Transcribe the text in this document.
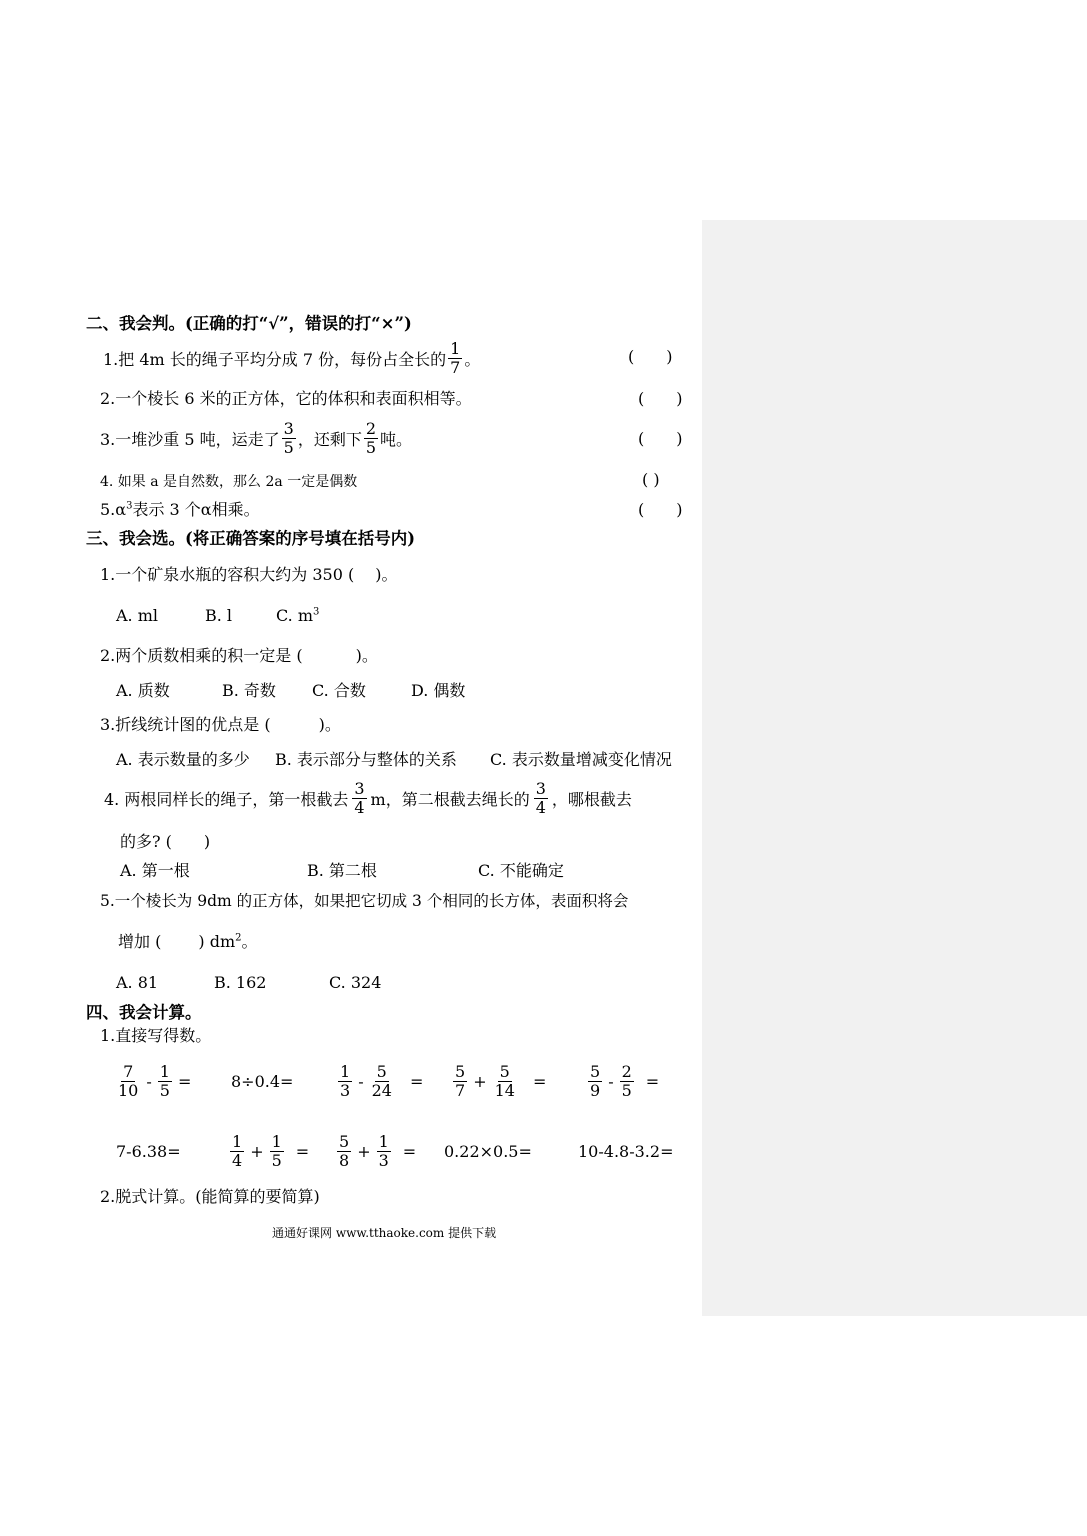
二、我会判。(正确的打“√”，错误的打“×”)
1.把 4m 长的绳子平均分成 7 份，每份占全长的 $\frac{1}{7}$ 。	(　　)
2.一个棱长 6 米的正方体，它的体积和表面积相等。	(　　)
3.一堆沙重 5 吨，运走了 $\frac{3}{5}$ ，还剩下 $\frac{2}{5}$ 吨。	(　　)
4. 如果 a 是自然数，那么 2a 一定是偶数	( )
$5.\alpha^3$表示 3 个α相乘。	(　　)
三、我会选。(将正确答案的序号填在括号内)
1.一个矿泉水瓶的容积大约为 350 (　 )。
A. ml	B. l	C. $m^3$
2.两个质数相乘的积一定是 (　　　 )。
A. 质数	B. 奇数 C. 合数	D. 偶数
3.折线统计图的优点是 (　　　)。
A. 表示数量的多少 B. 表示部分与整体的关系 C. 表示数量增减变化情况
4. 两根同样长的绳子，第一根截去 $\frac{3}{4}$ m，第二根截去绳长的 $\frac{3}{4}$ ，哪根截去
的多? (　　)
A. 第一根	B. 第二根	C. 不能确定
5.一个棱长为 9dm 的正方体，如果把它切成 3 个相同的长方体，表面积将会
增加 (　　 ) $dm^2$。
A. 81	B. 162	C. 324
四、我会计算。
1.直接写得数。
$\frac{7}{10} - \frac{1}{5} = 8\div 0.4=$	$\frac{1}{3} - \frac{5}{24} = \frac{5}{7} + \frac{5}{14}$ =	$\frac{5}{9} - \frac{2}{5}$ =
7-6.38=	$\frac{1}{4} + \frac{1}{5} = \frac{5}{8} + \frac{1}{3} = 0.22\times 0.5=$	10-4.8-3.2=
2.脱式计算。(能简算的要简算)
通通好课网 www.tthaoke.com 提供下载
